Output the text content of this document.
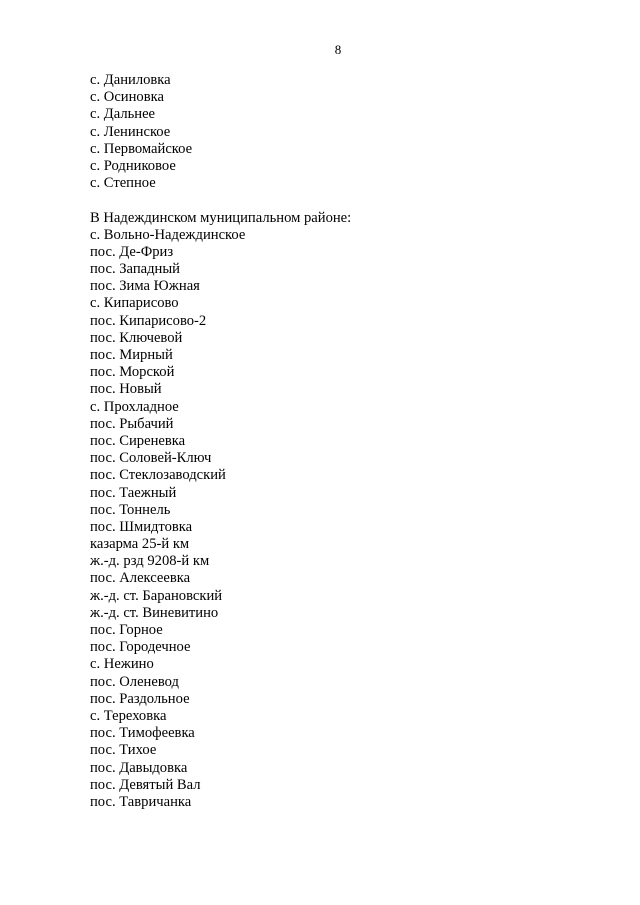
8
с. Даниловка
с. Осиновка
с. Дальнее
с. Ленинское
с. Первомайское
с. Родниковое
с. Степное
В Надеждинском муниципальном районе:
с. Вольно-Надеждинское
пос. Де-Фриз
пос. Западный
пос. Зима Южная
с. Кипарисово
пос. Кипарисово-2
пос. Ключевой
пос. Мирный
пос. Морской
пос. Новый
с. Прохладное
пос. Рыбачий
пос. Сиреневка
пос. Соловей-Ключ
пос. Стеклозаводский
пос. Таежный
пос. Тоннель
пос. Шмидтовка
казарма 25-й км
ж.-д. рзд 9208-й км
пос. Алексеевка
ж.-д. ст. Барановский
ж.-д. ст. Виневитино
пос. Горное
пос. Городечное
с. Нежино
пос. Оленевод
пос. Раздольное
с. Тереховка
пос. Тимофеевка
пос. Тихое
пос. Давыдовка
пос. Девятый Вал
пос. Тавричанка
